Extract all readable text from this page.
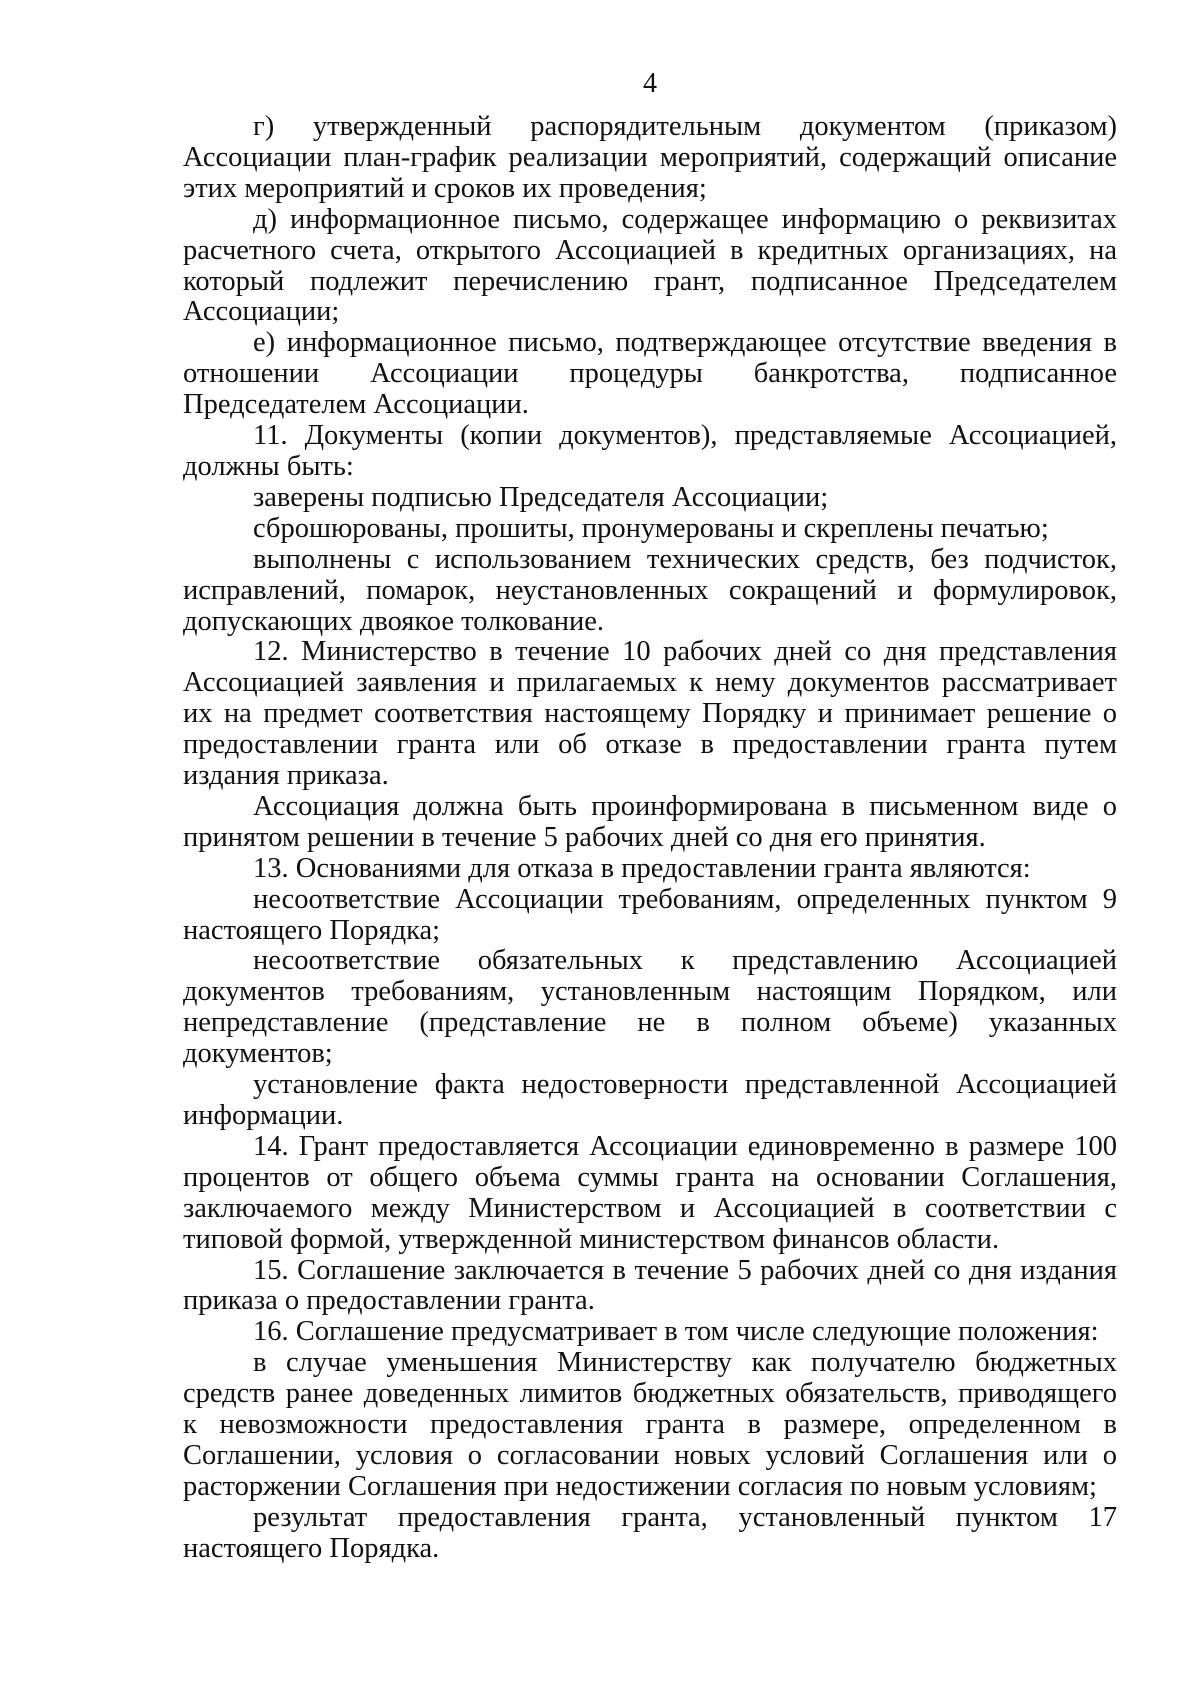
4

г) утвержденный распорядительным документом (приказом) Ассоциации план-график реализации мероприятий, содержащий описание этих мероприятий и сроков их проведения;

д) информационное письмо, содержащее информацию о реквизитах расчетного счета, открытого Ассоциацией в кредитных организациях, на который подлежит перечислению грант, подписанное Председателем Ассоциации;

е) информационное письмо, подтверждающее отсутствие введения в отношении Ассоциации процедуры банкротства, подписанное Председателем Ассоциации.

11. Документы (копии документов), представляемые Ассоциацией, должны быть:

заверены подписью Председателя Ассоциации;

сброшюрованы, прошиты, пронумерованы и скреплены печатью;

выполнены с использованием технических средств, без подчисток, исправлений, помарок, неустановленных сокращений и формулировок, допускающих двоякое толкование.

12. Министерство в течение 10 рабочих дней со дня представления Ассоциацией заявления и прилагаемых к нему документов рассматривает их на предмет соответствия настоящему Порядку и принимает решение о предоставлении гранта или об отказе в предоставлении гранта путем издания приказа.

Ассоциация должна быть проинформирована в письменном виде о принятом решении в течение 5 рабочих дней со дня его принятия.

13. Основаниями для отказа в предоставлении гранта являются:

несоответствие Ассоциации требованиям, определенных пунктом 9 настоящего Порядка;

несоответствие обязательных к представлению Ассоциацией документов требованиям, установленным настоящим Порядком, или непредставление (представление не в полном объеме) указанных документов;

установление факта недостоверности представленной Ассоциацией информации.

14. Грант предоставляется Ассоциации единовременно в размере 100 процентов от общего объема суммы гранта на основании Соглашения, заключаемого между Министерством и Ассоциацией в соответствии с типовой формой, утвержденной министерством финансов области.

15. Соглашение заключается в течение 5 рабочих дней со дня издания приказа о предоставлении гранта.

16. Соглашение предусматривает в том числе следующие положения:

в случае уменьшения Министерству как получателю бюджетных средств ранее доведенных лимитов бюджетных обязательств, приводящего к невозможности предоставления гранта в размере, определенном в Соглашении, условия о согласовании новых условий Соглашения или о расторжении Соглашения при недостижении согласия по новым условиям;

результат предоставления гранта, установленный пунктом 17 настоящего Порядка.
